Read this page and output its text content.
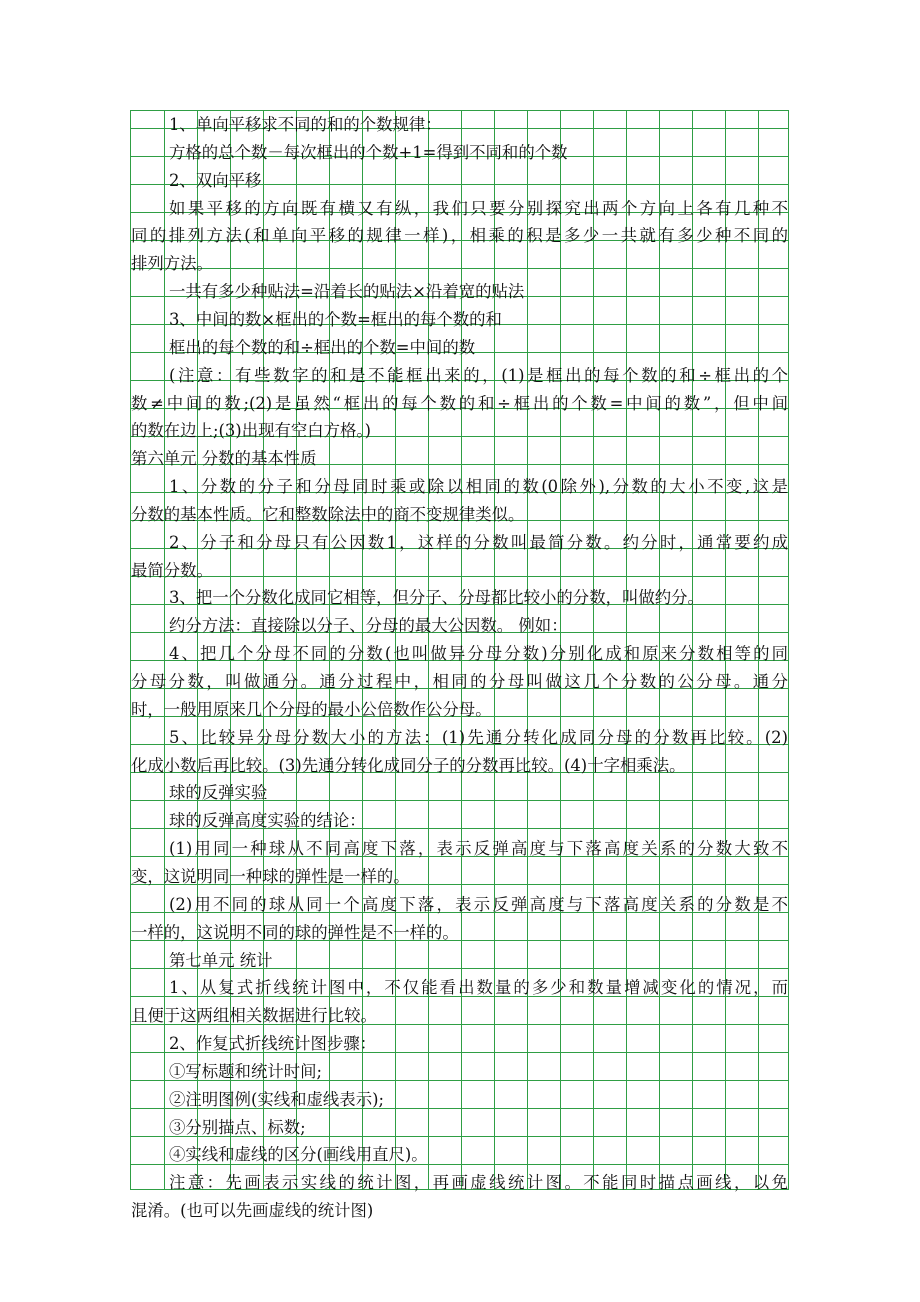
1、单向平移求不同的和的个数规律：
方格的总个数－每次框出的个数+1=得到不同和的个数
2、双向平移
如果平移的方向既有横又有纵，我们只要分别探究出两个方向上各有几种不
同的排列方法(和单向平移的规律一样)，相乘的积是多少一共就有多少种不同的
排列方法。
一共有多少种贴法=沿着长的贴法×沿着宽的贴法
3、中间的数×框出的个数=框出的每个数的和
框出的每个数的和÷框出的个数=中间的数
(注意：有些数字的和是不能框出来的，(1)是框出的每个数的和÷框出的个
数≠中间的数;(2)是虽然“框出的每个数的和÷框出的个数=中间的数”，但中间
的数在边上;(3)出现有空白方格。)
第六单元 分数的基本性质
1、分数的分子和分母同时乘或除以相同的数(0除外),分数的大小不变,这是
分数的基本性质。它和整数除法中的商不变规律类似。
2、分子和分母只有公因数1，这样的分数叫最简分数。约分时，通常要约成
最简分数。
3、把一个分数化成同它相等，但分子、分母都比较小的分数，叫做约分。
约分方法：直接除以分子、分母的最大公因数。 例如：
4、把几个分母不同的分数(也叫做异分母分数)分别化成和原来分数相等的同
分母分数，叫做通分。通分过程中，相同的分母叫做这几个分数的公分母。通分
时，一般用原来几个分母的最小公倍数作公分母。
5、比较异分母分数大小的方法：(1)先通分转化成同分母的分数再比较。(2)
化成小数后再比较。(3)先通分转化成同分子的分数再比较。(4)十字相乘法。
球的反弹实验
球的反弹高度实验的结论：
(1)用同一种球从不同高度下落，表示反弹高度与下落高度关系的分数大致不
变，这说明同一种球的弹性是一样的。
(2)用不同的球从同一个高度下落，表示反弹高度与下落高度关系的分数是不
一样的，这说明不同的球的弹性是不一样的。
第七单元 统计
1、从复式折线统计图中，不仅能看出数量的多少和数量增减变化的情况，而
且便于这两组相关数据进行比较。
2、作复式折线统计图步骤：
①写标题和统计时间;
②注明图例(实线和虚线表示);
③分别描点、标数;
④实线和虚线的区分(画线用直尺)。
注意：先画表示实线的统计图，再画虚线统计图。不能同时描点画线，以免
混淆。(也可以先画虚线的统计图)
